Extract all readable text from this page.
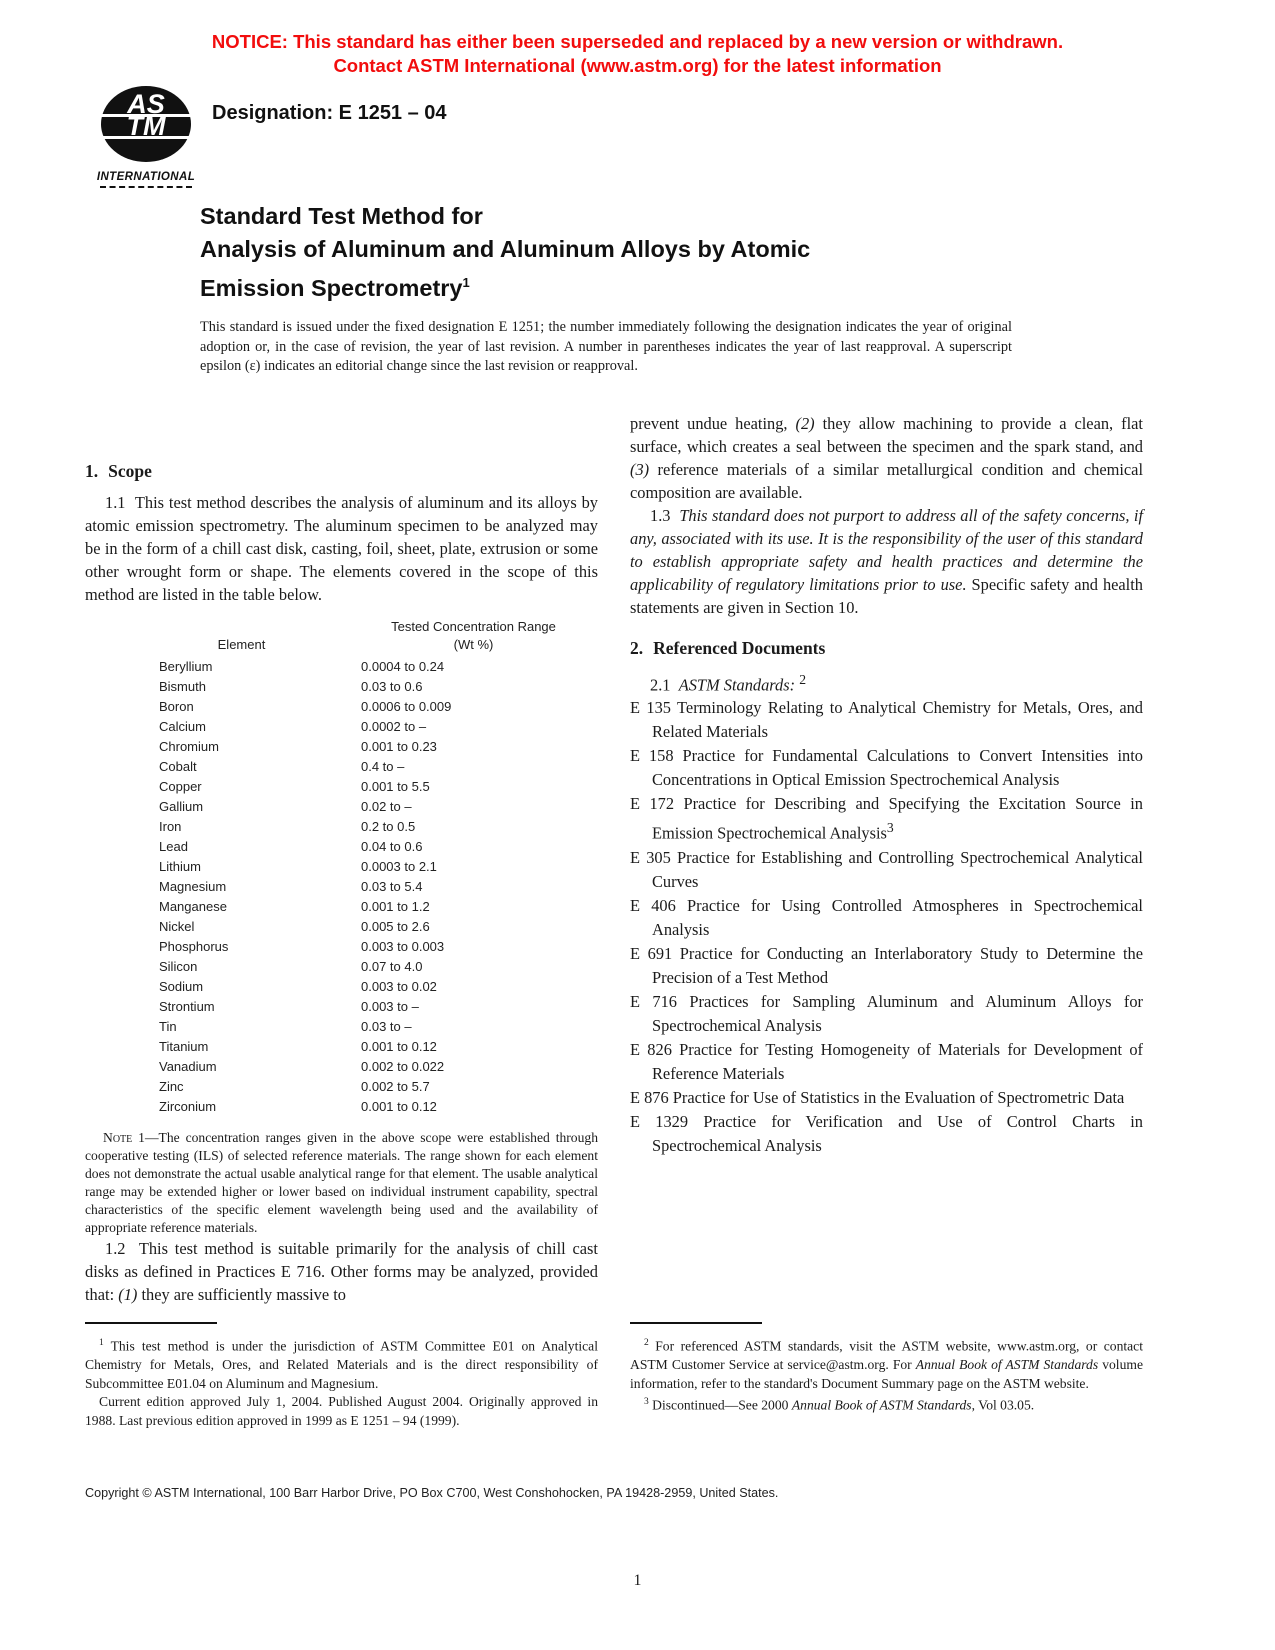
NOTICE: This standard has either been superseded and replaced by a new version or withdrawn.
Contact ASTM International (www.astm.org) for the latest information
AS
TM
INTERNATIONAL
Designation: E 1251 – 04
Standard Test Method for
Analysis of Aluminum and Aluminum Alloys by Atomic
Emission Spectrometry$^1$
This standard is issued under the fixed designation E 1251; the number immediately following the designation indicates the year of original adoption or, in the case of revision, the year of last revision. A number in parentheses indicates the year of last reapproval. A superscript epsilon (ε) indicates an editorial change since the last revision or reapproval.
1. Scope

1.1  This test method describes the analysis of aluminum and its alloys by atomic emission spectrometry. The aluminum specimen to be analyzed may be in the form of a chill cast disk, casting, foil, sheet, plate, extrusion or some other wrought form or shape. The elements covered in the scope of this method are listed in the table below.

Element	Tested Concentration Range
(Wt %)

Beryllium	0.0004 to 0.24
Bismuth	0.03 to 0.6
Boron	0.0006 to 0.009
Calcium	0.0002 to –
Chromium	0.001 to 0.23
Cobalt	0.4 to –
Copper	0.001 to 5.5
Gallium	0.02 to –
Iron	0.2 to 0.5
Lead	0.04 to 0.6
Lithium	0.0003 to 2.1
Magnesium	0.03 to 5.4
Manganese	0.001 to 1.2
Nickel	0.005 to 2.6
Phosphorus	0.003 to 0.003
Silicon	0.07 to 4.0
Sodium	0.003 to 0.02
Strontium	0.003 to –
Tin	0.03 to –
Titanium	0.001 to 0.12
Vanadium	0.002 to 0.022
Zinc	0.002 to 5.7
Zirconium	0.001 to 0.12

Note 1—The concentration ranges given in the above scope were established through cooperative testing (ILS) of selected reference materials. The range shown for each element does not demonstrate the actual usable analytical range for that element. The usable analytical range may be extended higher or lower based on individual instrument capability, spectral characteristics of the specific element wavelength being used and the availability of appropriate reference materials.

1.2  This test method is suitable primarily for the analysis of chill cast disks as defined in Practices E 716. Other forms may be analyzed, provided that: (1) they are sufficiently massive to

prevent undue heating, (2) they allow machining to provide a clean, flat surface, which creates a seal between the specimen and the spark stand, and (3) reference materials of a similar metallurgical condition and chemical composition are available.

1.3  This standard does not purport to address all of the safety concerns, if any, associated with its use. It is the responsibility of the user of this standard to establish appropriate safety and health practices and determine the applicability of regulatory limitations prior to use. Specific safety and health statements are given in Section 10.

2. Referenced Documents

2.1  ASTM Standards: $^2$

E 135 Terminology Relating to Analytical Chemistry for Metals, Ores, and Related Materials
E 158 Practice for Fundamental Calculations to Convert Intensities into Concentrations in Optical Emission Spectrochemical Analysis
E 172 Practice for Describing and Specifying the Excitation Source in Emission Spectrochemical Analysis$^3$
E 305 Practice for Establishing and Controlling Spectrochemical Analytical Curves
E 406 Practice for Using Controlled Atmospheres in Spectrochemical Analysis
E 691 Practice for Conducting an Interlaboratory Study to Determine the Precision of a Test Method
E 716 Practices for Sampling Aluminum and Aluminum Alloys for Spectrochemical Analysis
E 826 Practice for Testing Homogeneity of Materials for Development of Reference Materials
E 876 Practice for Use of Statistics in the Evaluation of Spectrometric Data
E 1329 Practice for Verification and Use of Control Charts in Spectrochemical Analysis

$^1$ This test method is under the jurisdiction of ASTM Committee E01 on Analytical Chemistry for Metals, Ores, and Related Materials and is the direct responsibility of Subcommittee E01.04 on Aluminum and Magnesium.

Current edition approved July 1, 2004. Published August 2004. Originally approved in 1988. Last previous edition approved in 1999 as E 1251 – 94 (1999).

$^2$ For referenced ASTM standards, visit the ASTM website, www.astm.org, or contact ASTM Customer Service at service@astm.org. For Annual Book of ASTM Standards volume information, refer to the standard's Document Summary page on the ASTM website.

$^3$ Discontinued—See 2000 Annual Book of ASTM Standards, Vol 03.05.

Copyright © ASTM International, 100 Barr Harbor Drive, PO Box C700, West Conshohocken, PA 19428-2959, United States.
1
